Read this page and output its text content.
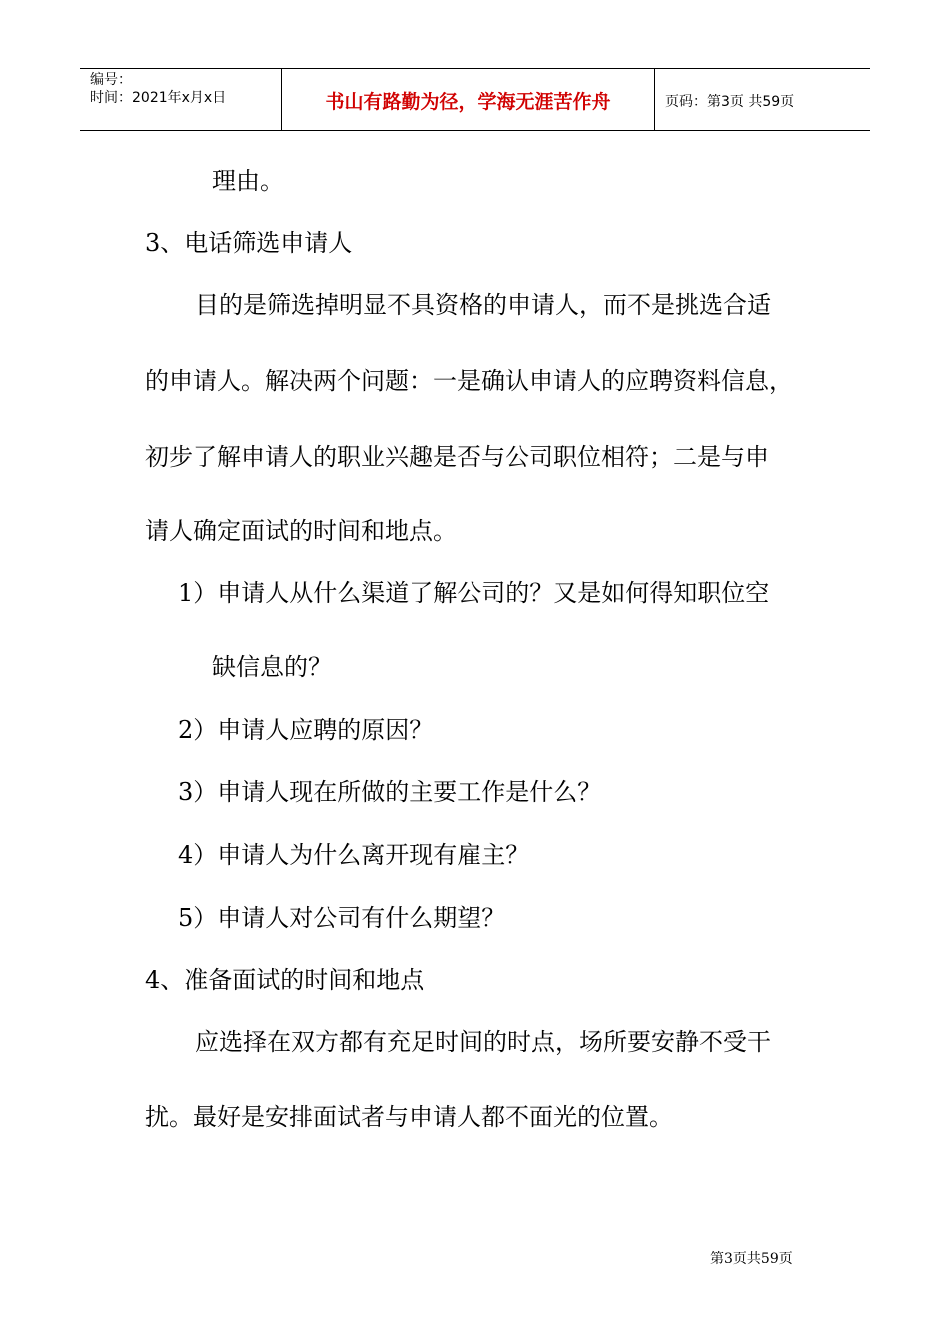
编号：
时间：2021年x月x日	书山有路勤为径，学海无涯苦作舟	页码：第3页 共59页
理由。
3、电话筛选申请人
目的是筛选掉明显不具资格的申请人，而不是挑选合适
的申请人。解决两个问题：一是确认申请人的应聘资料信息，
初步了解申请人的职业兴趣是否与公司职位相符；二是与申
请人确定面试的时间和地点。
1）申请人从什么渠道了解公司的？又是如何得知职位空
缺信息的？
2）申请人应聘的原因？
3）申请人现在所做的主要工作是什么？
4）申请人为什么离开现有雇主？
5）申请人对公司有什么期望？
4、准备面试的时间和地点
应选择在双方都有充足时间的时点，场所要安静不受干
扰。最好是安排面试者与申请人都不面光的位置。
第3页共59页
